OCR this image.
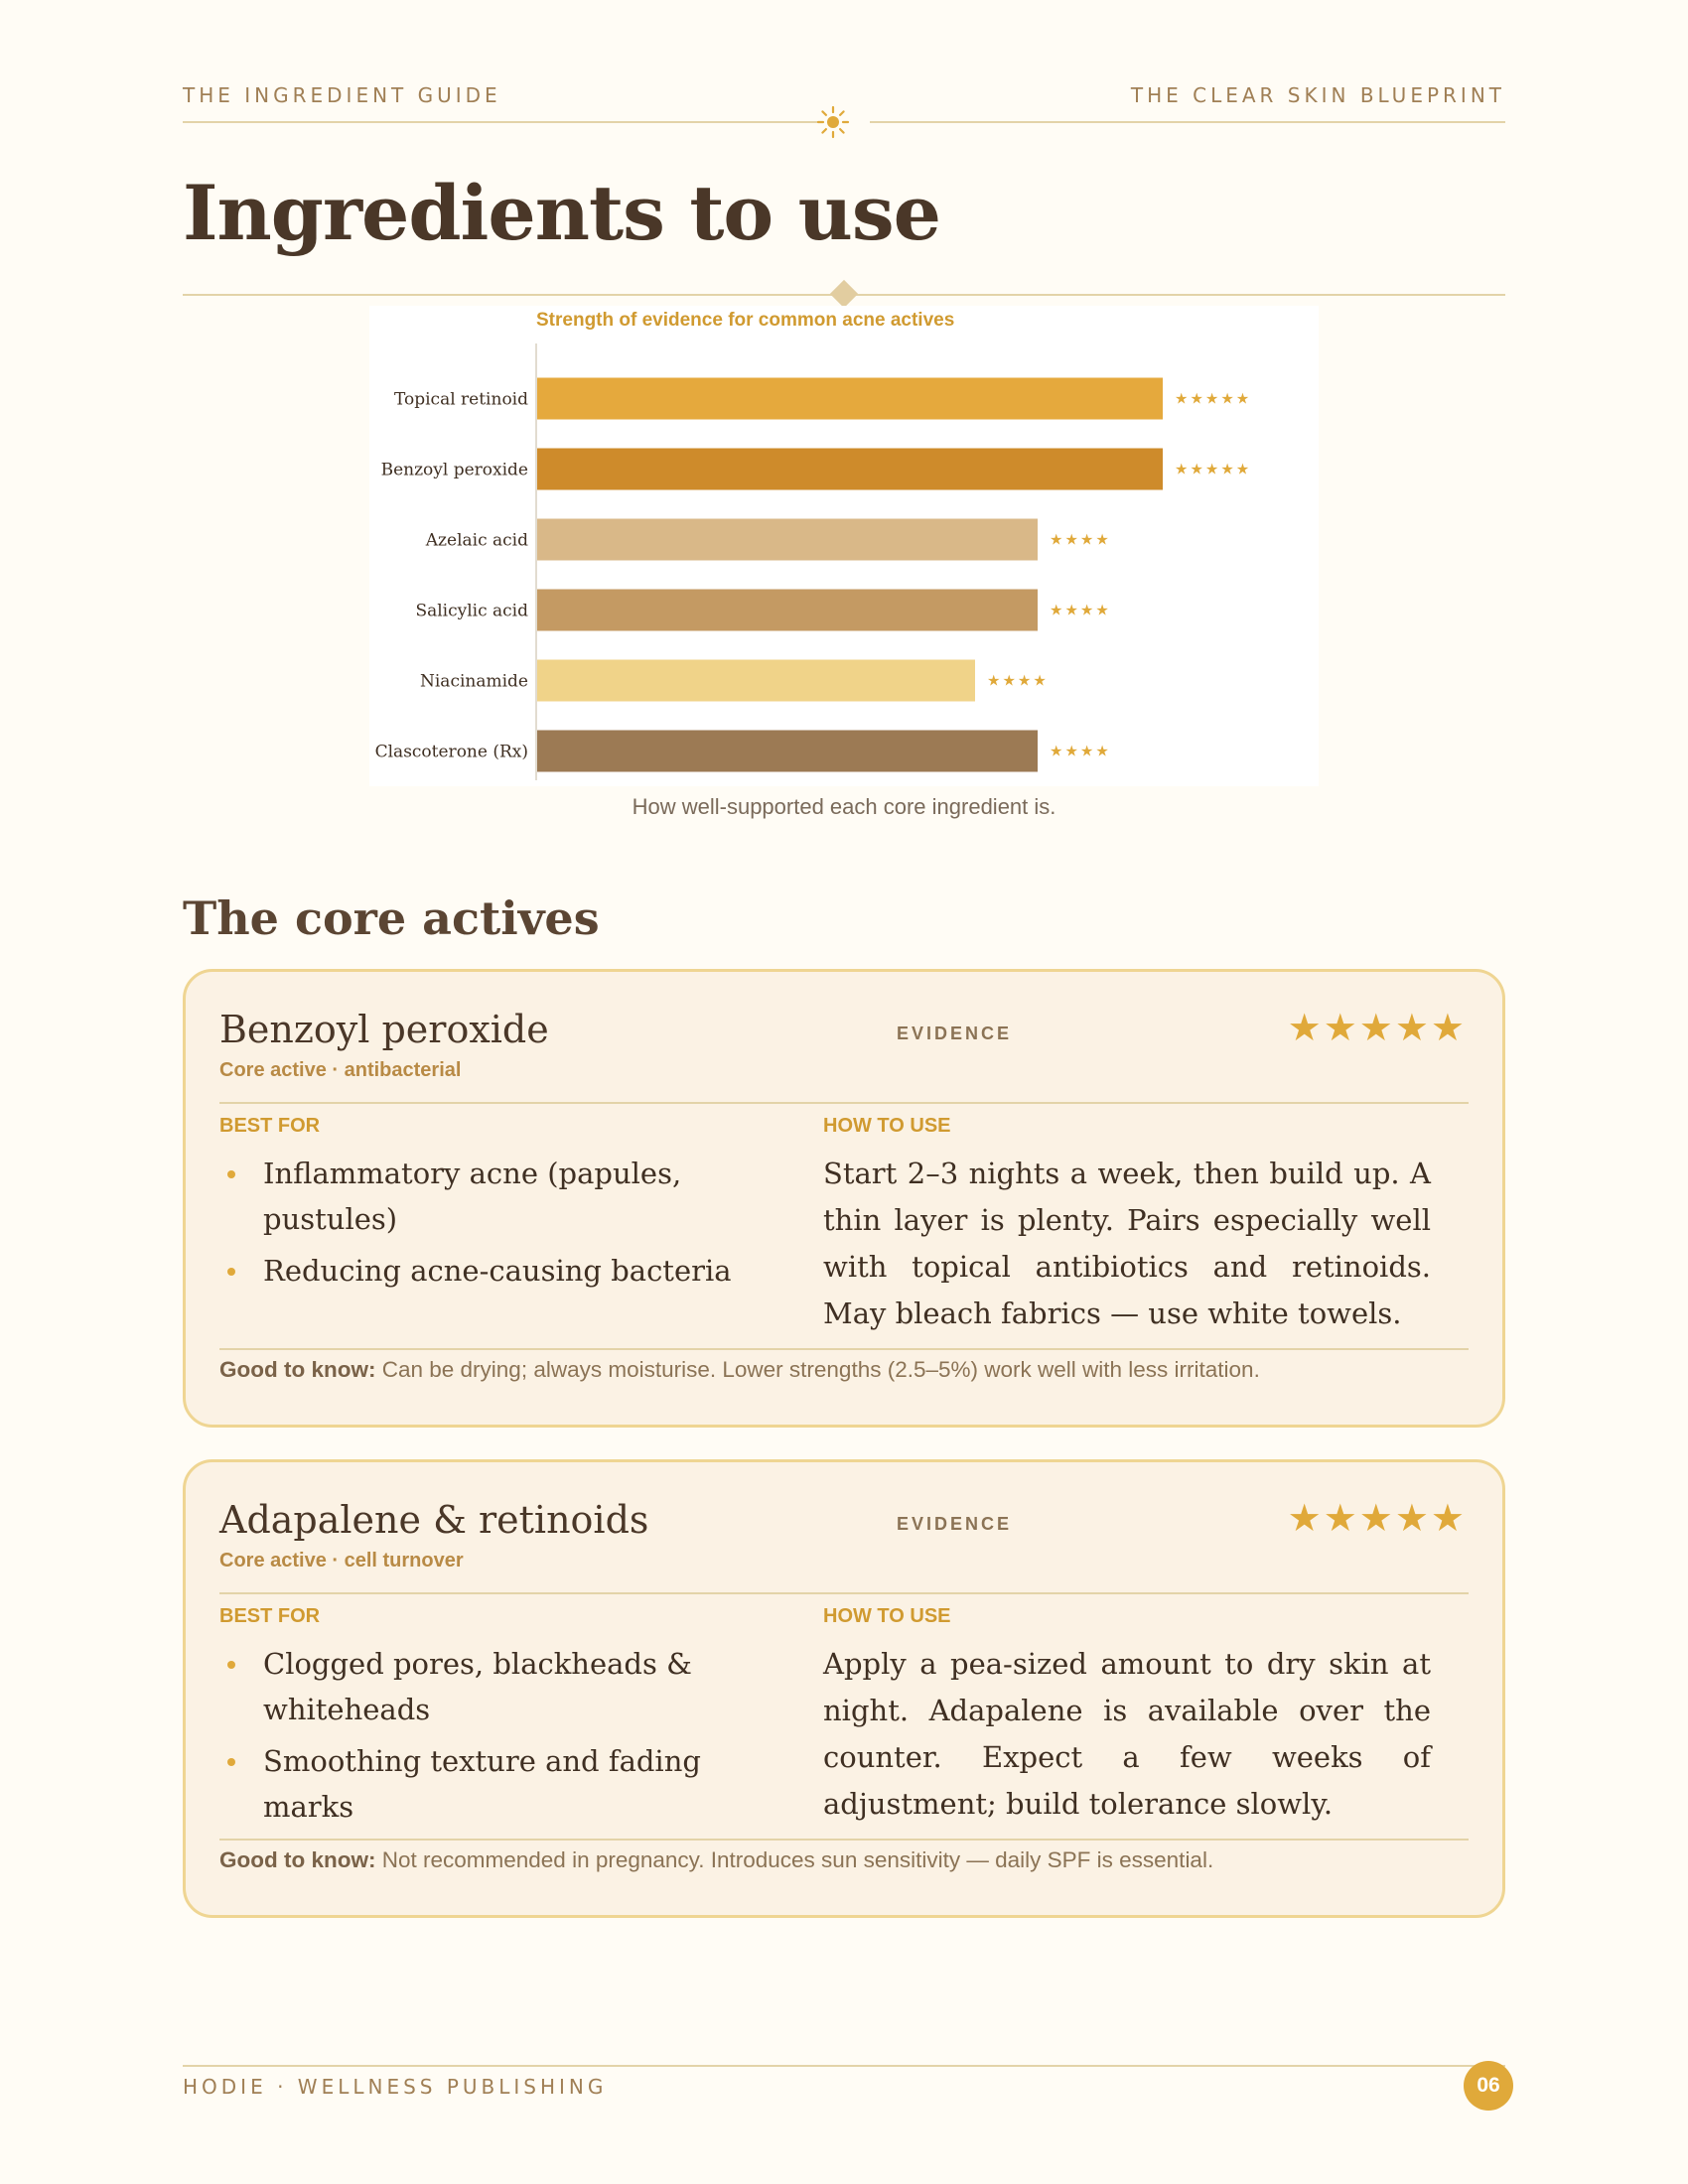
THE INGREDIENT GUIDE	THE CLEAR SKIN BLUEPRINT
Ingredients to use
Strength of evidence for common acne actives
Topical retinoid	★★★★★
Benzoyl peroxide	★★★★★
Azelaic acid	★★★★
Salicylic acid	★★★★
Niacinamide	★★★★
Clascoterone (Rx)	★★★★
How well-supported each core ingredient is.
The core actives
Benzoyl peroxide
Core active · antibacterial
EVIDENCE	★★★★★
BEST FOR	HOW TO USE
Inflammatory acne (papules, pustules)
Reducing acne-causing bacteria

Start 2–3 nights a week, then build up. A thin layer is plenty. Pairs especially well with topical antibiotics and retinoids. May bleach fabrics — use white towels.

Good to know: Can be drying; always moisturise. Lower strengths (2.5–5%) work well with less irritation.
Adapalene & retinoids
Core active · cell turnover
EVIDENCE	★★★★★
BEST FOR	HOW TO USE
Clogged pores, blackheads & whiteheads
Smoothing texture and fading marks

Apply a pea-sized amount to dry skin at night. Adapalene is available over the counter. Expect a few weeks of adjustment; build tolerance slowly.

Good to know: Not recommended in pregnancy. Introduces sun sensitivity — daily SPF is essential.
HODIE · WELLNESS PUBLISHING	06
